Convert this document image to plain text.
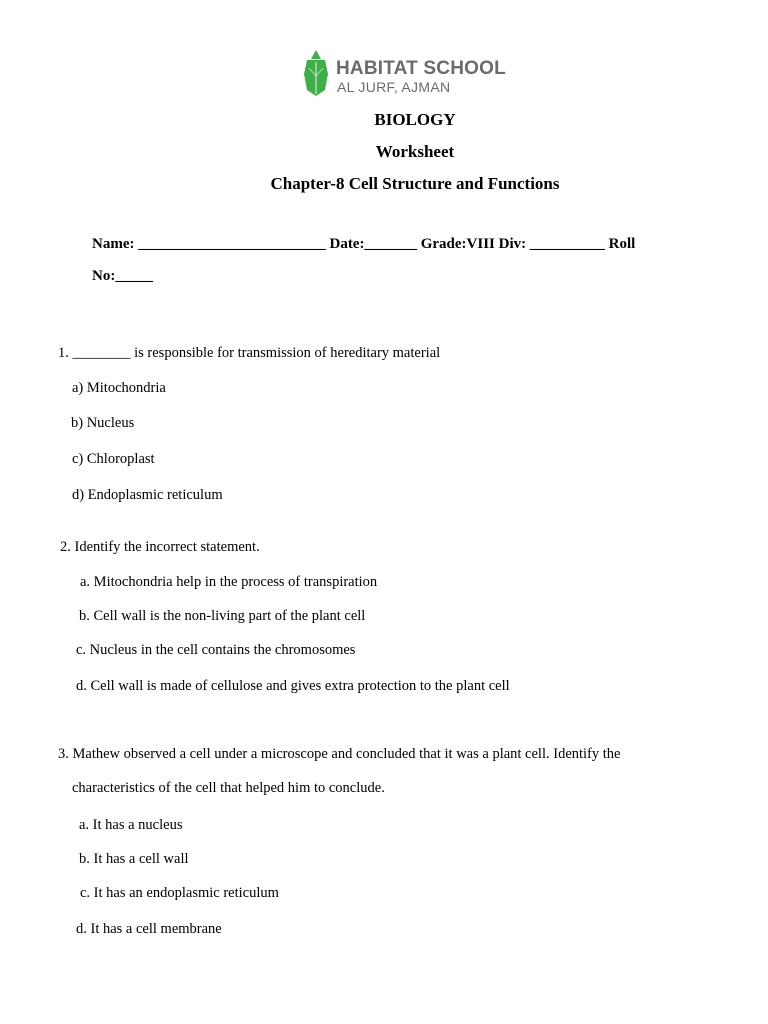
HABITAT SCHOOL
AL JURF, AJMAN
BIOLOGY
Worksheet
Chapter-8 Cell Structure and Functions
Name: _________________________ Date:_______ Grade:VIII Div: __________ Roll
No:_____
1. ________ is responsible for transmission of hereditary material
a) Mitochondria
b) Nucleus
c) Chloroplast
d) Endoplasmic reticulum
2. Identify the incorrect statement.
a. Mitochondria help in the process of transpiration
b. Cell wall is the non-living part of the plant cell
c. Nucleus in the cell contains the chromosomes
d. Cell wall is made of cellulose and gives extra protection to the plant cell
3. Mathew observed a cell under a microscope and concluded that it was a plant cell. Identify the
characteristics of the cell that helped him to conclude.
a. It has a nucleus
b. It has a cell wall
c. It has an endoplasmic reticulum
d. It has a cell membrane
